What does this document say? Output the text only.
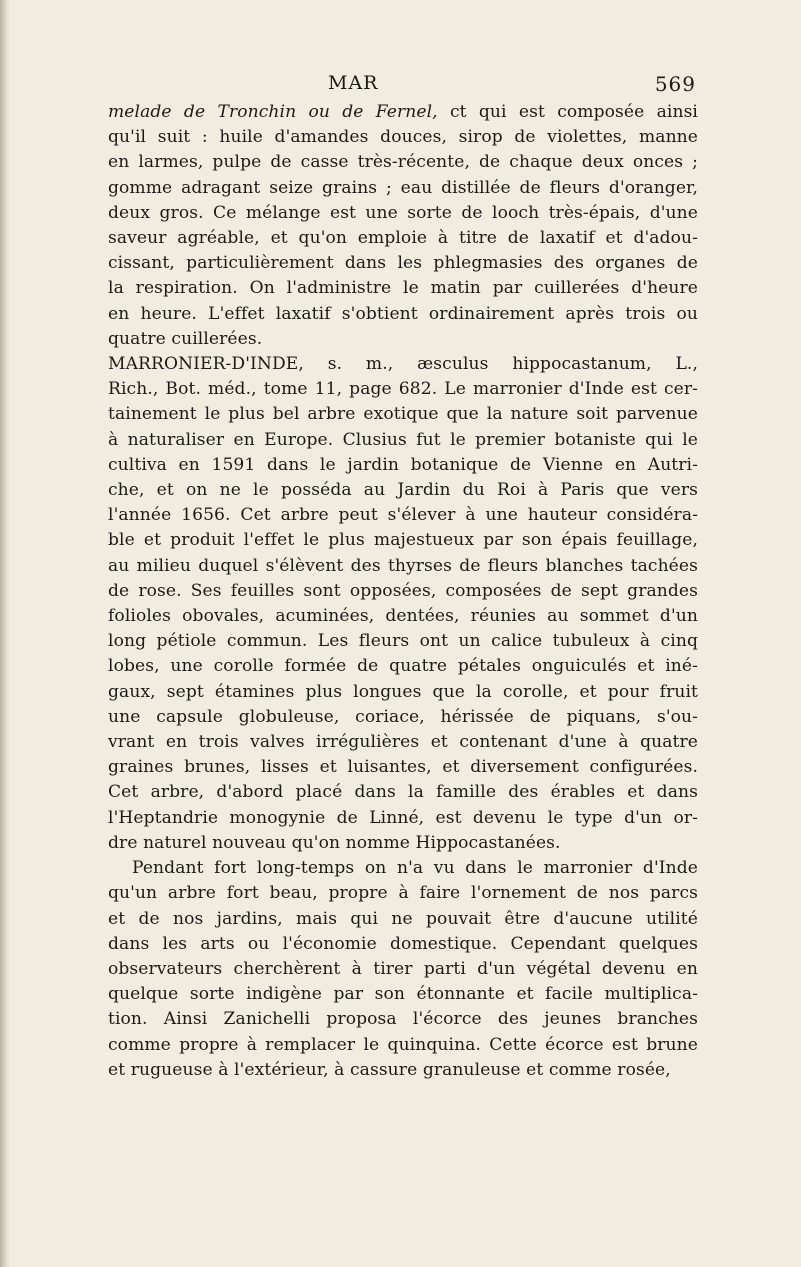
MAR	569
melade de Tronchin ou de Fernel, ct qui est composée ainsi
qu'il suit : huile d'amandes douces, sirop de violettes, manne
en larmes, pulpe de casse très-récente, de chaque deux onces ;
gomme adragant seize grains ; eau distillée de fleurs d'oranger,
deux gros. Ce mélange est une sorte de looch très-épais, d'une
saveur agréable, et qu'on emploie à titre de laxatif et d'adou-
cissant, particulièrement dans les phlegmasies des organes de
la respiration. On l'administre le matin par cuillerées d'heure
en heure. L'effet laxatif s'obtient ordinairement après trois ou
quatre cuillerées.
MARRONIER-D'INDE, s. m., æsculus hippocastanum, L.,
Rich., Bot. méd., tome 11, page 682. Le marronier d'Inde est cer-
tainement le plus bel arbre exotique que la nature soit parvenue
à naturaliser en Europe. Clusius fut le premier botaniste qui le
cultiva en 1591 dans le jardin botanique de Vienne en Autri-
che, et on ne le posséda au Jardin du Roi à Paris que vers
l'année 1656. Cet arbre peut s'élever à une hauteur considéra-
ble et produit l'effet le plus majestueux par son épais feuillage,
au milieu duquel s'élèvent des thyrses de fleurs blanches tachées
de rose. Ses feuilles sont opposées, composées de sept grandes
folioles obovales, acuminées, dentées, réunies au sommet d'un
long pétiole commun. Les fleurs ont un calice tubuleux à cinq
lobes, une corolle formée de quatre pétales onguiculés et iné-
gaux, sept étamines plus longues que la corolle, et pour fruit
une capsule globuleuse, coriace, hérissée de piquans, s'ou-
vrant en trois valves irrégulières et contenant d'une à quatre
graines brunes, lisses et luisantes, et diversement configurées.
Cet arbre, d'abord placé dans la famille des érables et dans
l'Heptandrie monogynie de Linné, est devenu le type d'un or-
dre naturel nouveau qu'on nomme Hippocastanées.
Pendant fort long-temps on n'a vu dans le marronier d'Inde
qu'un arbre fort beau, propre à faire l'ornement de nos parcs
et de nos jardins, mais qui ne pouvait être d'aucune utilité
dans les arts ou l'économie domestique. Cependant quelques
observateurs cherchèrent à tirer parti d'un végétal devenu en
quelque sorte indigène par son étonnante et facile multiplica-
tion. Ainsi Zanichelli proposa l'écorce des jeunes branches
comme propre à remplacer le quinquina. Cette écorce est brune
et rugueuse à l'extérieur, à cassure granuleuse et comme rosée,
